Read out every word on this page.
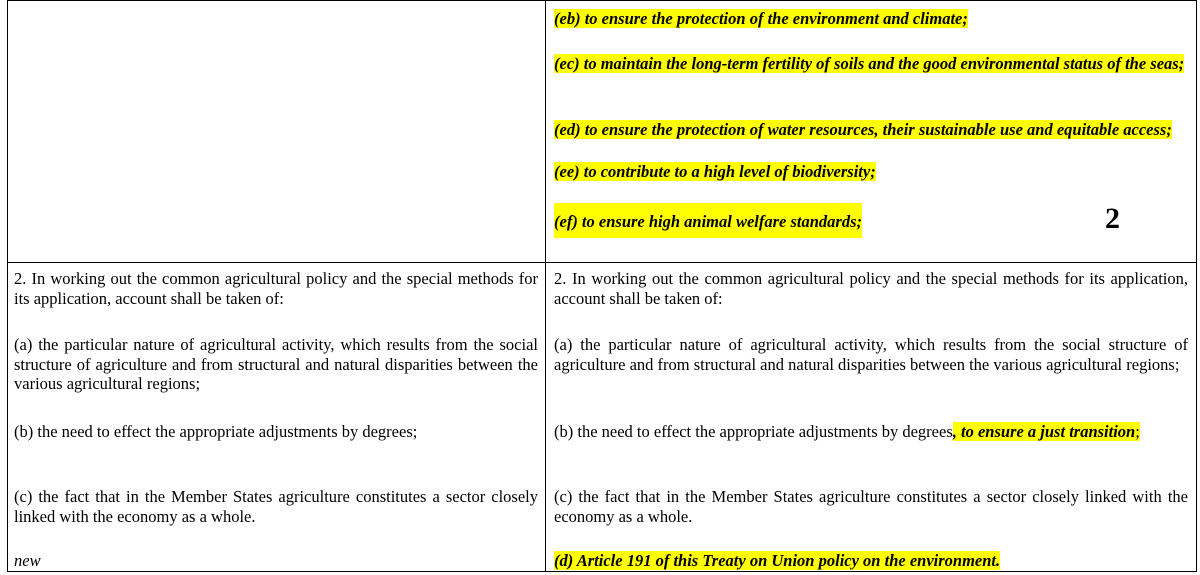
(eb) to ensure the protection of the environment and climate;

(ec) to maintain the long-term fertility of soils and the good environmental status of the seas;

(ed) to ensure the protection of water resources, their sustainable use and equitable access;

(ee) to contribute to a high level of biodiversity;

(ef) to ensure high animal welfare standards;	2

2. In working out the common agricultural policy and the special methods for its application, account shall be taken of:

(a) the particular nature of agricultural activity, which results from the social structure of agriculture and from structural and natural disparities between the various agricultural regions;

(b) the need to effect the appropriate adjustments by degrees;

(c) the fact that in the Member States agriculture constitutes a sector closely linked with the economy as a whole.

new

2. In working out the common agricultural policy and the special methods for its application, account shall be taken of:

(a) the particular nature of agricultural activity, which results from the social structure of agriculture and from structural and natural disparities between the various agricultural regions;

(b) the need to effect the appropriate adjustments by degrees, to ensure a just transition;

(c) the fact that in the Member States agriculture constitutes a sector closely linked with the economy as a whole.

(d) Article 191 of this Treaty on Union policy on the environment.
